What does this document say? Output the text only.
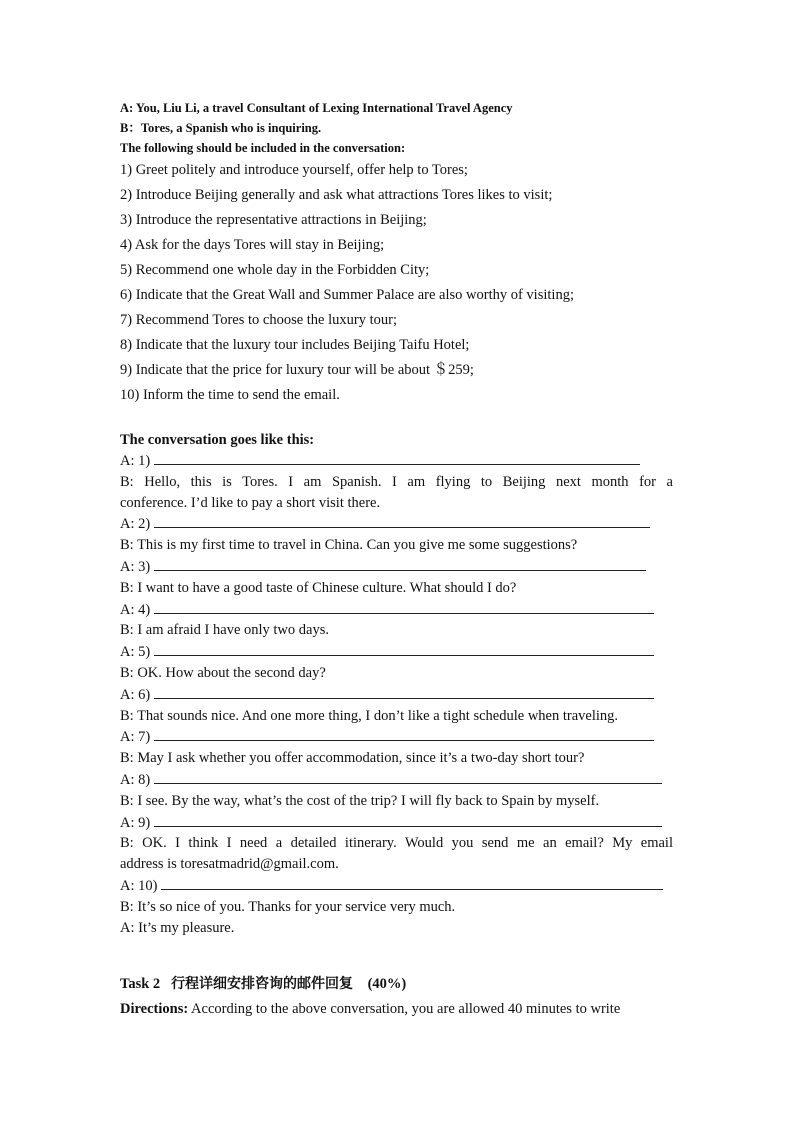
A: You, Liu Li, a travel Consultant of Lexing International Travel Agency
B：Tores, a Spanish who is inquiring.
The following should be included in the conversation:
1) Greet politely and introduce yourself, offer help to Tores;
2) Introduce Beijing generally and ask what attractions Tores likes to visit;
3) Introduce the representative attractions in Beijing;
4) Ask for the days Tores will stay in Beijing;
5) Recommend one whole day in the Forbidden City;
6) Indicate that the Great Wall and Summer Palace are also worthy of visiting;
7) Recommend Tores to choose the luxury tour;
8) Indicate that the luxury tour includes Beijing Taifu Hotel;
9) Indicate that the price for luxury tour will be about ＄259;
10) Inform the time to send the email.
The conversation goes like this:
A: 1)
B: Hello, this is Tores. I am Spanish. I am flying to Beijing next month for a
conference. I’d like to pay a short visit there.
A: 2)
B: This is my first time to travel in China. Can you give me some suggestions?
A: 3)
B: I want to have a good taste of Chinese culture. What should I do?
A: 4)
B: I am afraid I have only two days.
A: 5)
B: OK. How about the second day?
A: 6)
B: That sounds nice. And one more thing, I don’t like a tight schedule when traveling.
A: 7)
B: May I ask whether you offer accommodation, since it’s a two-day short tour?
A: 8)
B: I see. By the way, what’s the cost of the trip? I will fly back to Spain by myself.
A: 9)
B: OK. I think I need a detailed itinerary. Would you send me an email? My email
address is toresatmadrid@gmail.com.
A: 10)
B: It’s so nice of you. Thanks for your service very much.
A: It’s my pleasure.
Task 2 行程详细安排咨询的邮件回复 (40%)
Directions: According to the above conversation, you are allowed 40 minutes to write
